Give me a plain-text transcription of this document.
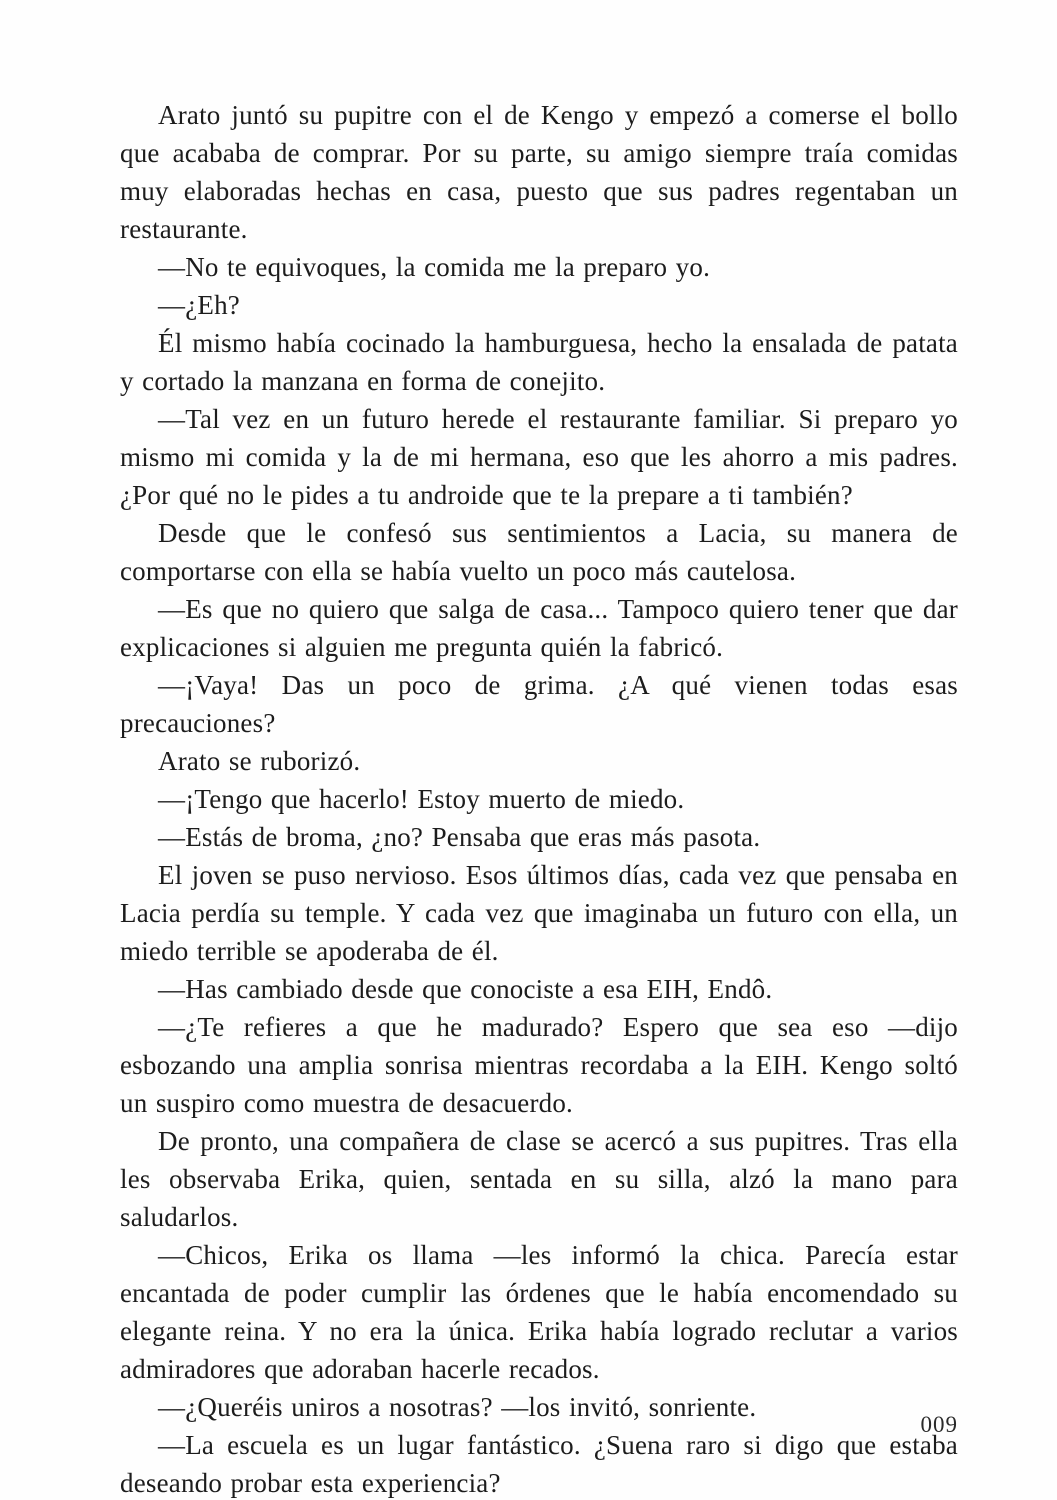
Arato juntó su pupitre con el de Kengo y empezó a comerse el bollo que acababa de comprar. Por su parte, su amigo siempre traía comidas muy elaboradas hechas en casa, puesto que sus padres regentaban un restaurante.

—No te equivoques, la comida me la preparo yo.

—¿Eh?

Él mismo había cocinado la hamburguesa, hecho la ensalada de patata y cortado la manzana en forma de conejito.

—Tal vez en un futuro herede el restaurante familiar. Si preparo yo mismo mi comida y la de mi hermana, eso que les ahorro a mis padres. ¿Por qué no le pides a tu androide que te la prepare a ti también?

Desde que le confesó sus sentimientos a Lacia, su manera de comportarse con ella se había vuelto un poco más cautelosa.

—Es que no quiero que salga de casa... Tampoco quiero tener que dar explicaciones si alguien me pregunta quién la fabricó.

—¡Vaya! Das un poco de grima. ¿A qué vienen todas esas precauciones?

Arato se ruborizó.

—¡Tengo que hacerlo! Estoy muerto de miedo.

—Estás de broma, ¿no? Pensaba que eras más pasota.

El joven se puso nervioso. Esos últimos días, cada vez que pensaba en Lacia perdía su temple. Y cada vez que imaginaba un futuro con ella, un miedo terrible se apoderaba de él.

—Has cambiado desde que conociste a esa EIH, Endô.

—¿Te refieres a que he madurado? Espero que sea eso —dijo esbozando una amplia sonrisa mientras recordaba a la EIH. Kengo soltó un suspiro como muestra de desacuerdo.

De pronto, una compañera de clase se acercó a sus pupitres. Tras ella les observaba Erika, quien, sentada en su silla, alzó la mano para saludarlos.

—Chicos, Erika os llama —les informó la chica. Parecía estar encantada de poder cumplir las órdenes que le había encomendado su elegante reina. Y no era la única. Erika había logrado reclutar a varios admiradores que adoraban hacerle recados.

—¿Queréis uniros a nosotras? —los invitó, sonriente.

—La escuela es un lugar fantástico. ¿Suena raro si digo que estaba deseando probar esta experiencia?

009
